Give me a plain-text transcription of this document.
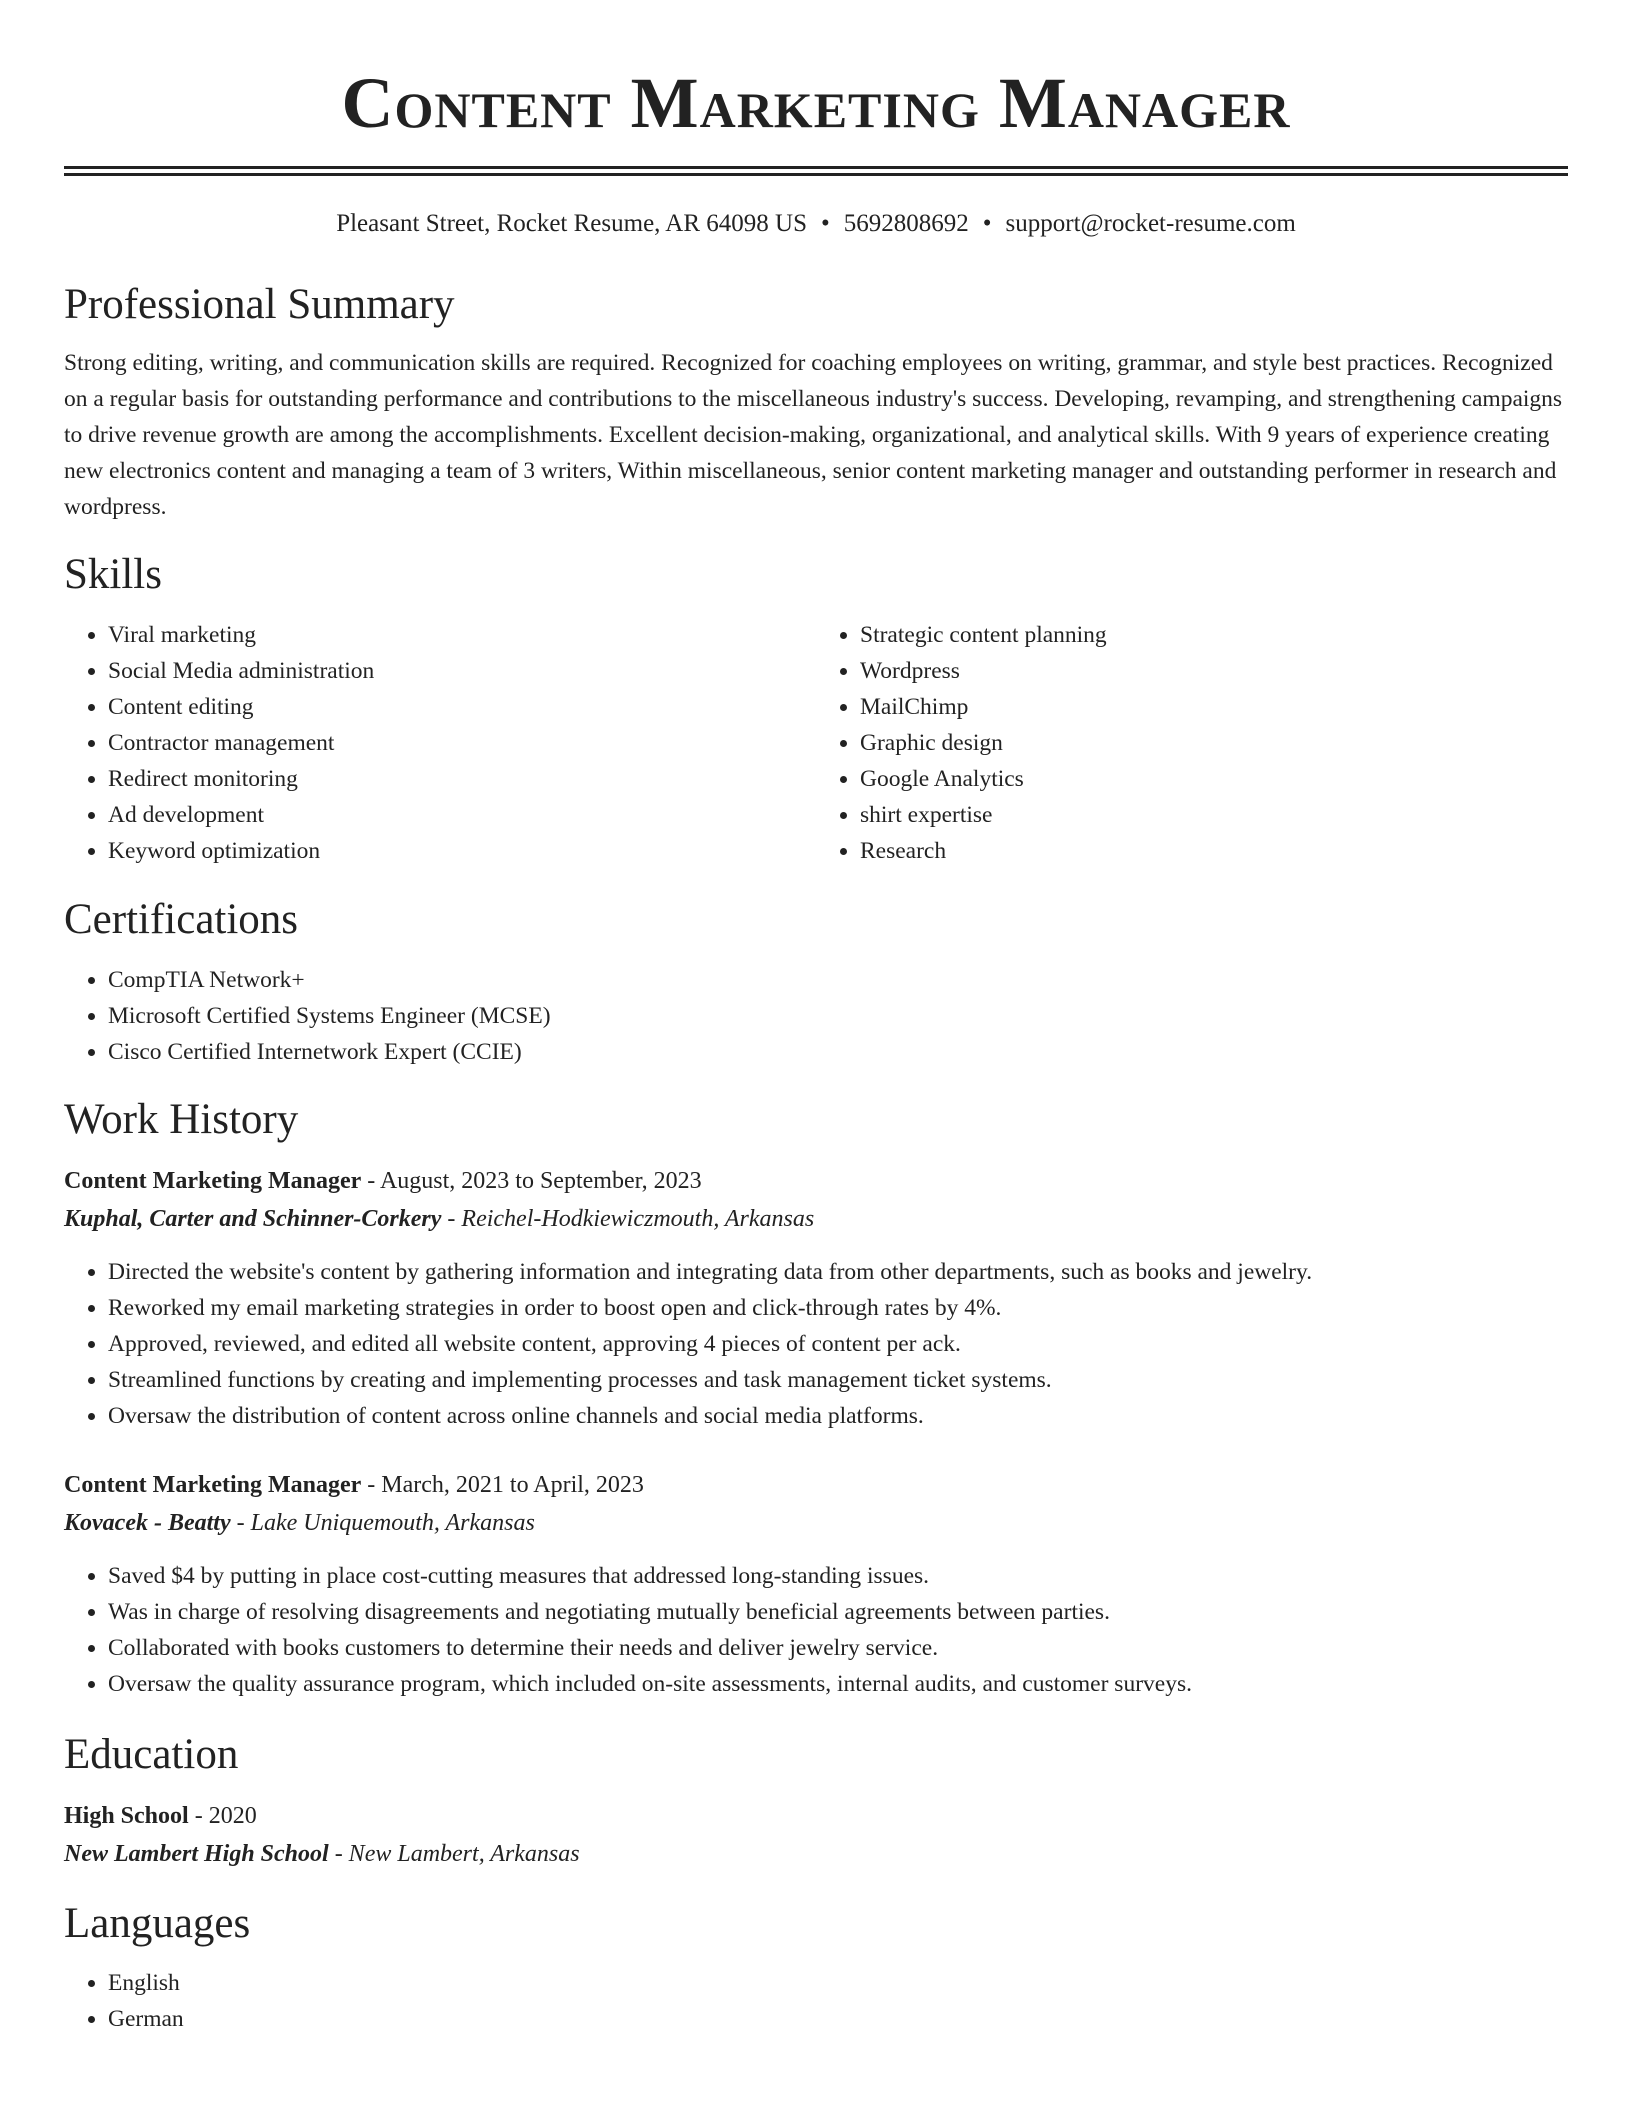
Content Marketing Manager
Pleasant Street, Rocket Resume, AR 64098 US • 5692808692 • support@rocket-resume.com
Professional Summary

Strong editing, writing, and communication skills are required. Recognized for coaching employees on writing, grammar, and style best practices. Recognized on a regular basis for outstanding performance and contributions to the miscellaneous industry's success. Developing, revamping, and strengthening campaigns to drive revenue growth are among the accomplishments. Excellent decision-making, organizational, and analytical skills. With 9 years of experience creating new electronics content and managing a team of 3 writers, Within miscellaneous, senior content marketing manager and outstanding performer in research and wordpress.

Skills
• Viral marketing
• Social Media administration
• Content editing
• Contractor management
• Redirect monitoring
• Ad development
• Keyword optimization
• Strategic content planning
• Wordpress
• MailChimp
• Graphic design
• Google Analytics
• shirt expertise
• Research
Certifications
• CompTIA Network+
• Microsoft Certified Systems Engineer (MCSE)
• Cisco Certified Internetwork Expert (CCIE)
Work History
Content Marketing Manager - August, 2023 to September, 2023
Kuphal, Carter and Schinner-Corkery - Reichel-Hodkiewiczmouth, Arkansas
• Directed the website's content by gathering information and integrating data from other departments, such as books and jewelry.
• Reworked my email marketing strategies in order to boost open and click-through rates by 4%.
• Approved, reviewed, and edited all website content, approving 4 pieces of content per ack.
• Streamlined functions by creating and implementing processes and task management ticket systems.
• Oversaw the distribution of content across online channels and social media platforms.
Content Marketing Manager - March, 2021 to April, 2023
Kovacek - Beatty - Lake Uniquemouth, Arkansas
• Saved $4 by putting in place cost-cutting measures that addressed long-standing issues.
• Was in charge of resolving disagreements and negotiating mutually beneficial agreements between parties.
• Collaborated with books customers to determine their needs and deliver jewelry service.
• Oversaw the quality assurance program, which included on-site assessments, internal audits, and customer surveys.
Education
High School - 2020
New Lambert High School - New Lambert, Arkansas
Languages
• English
• German
